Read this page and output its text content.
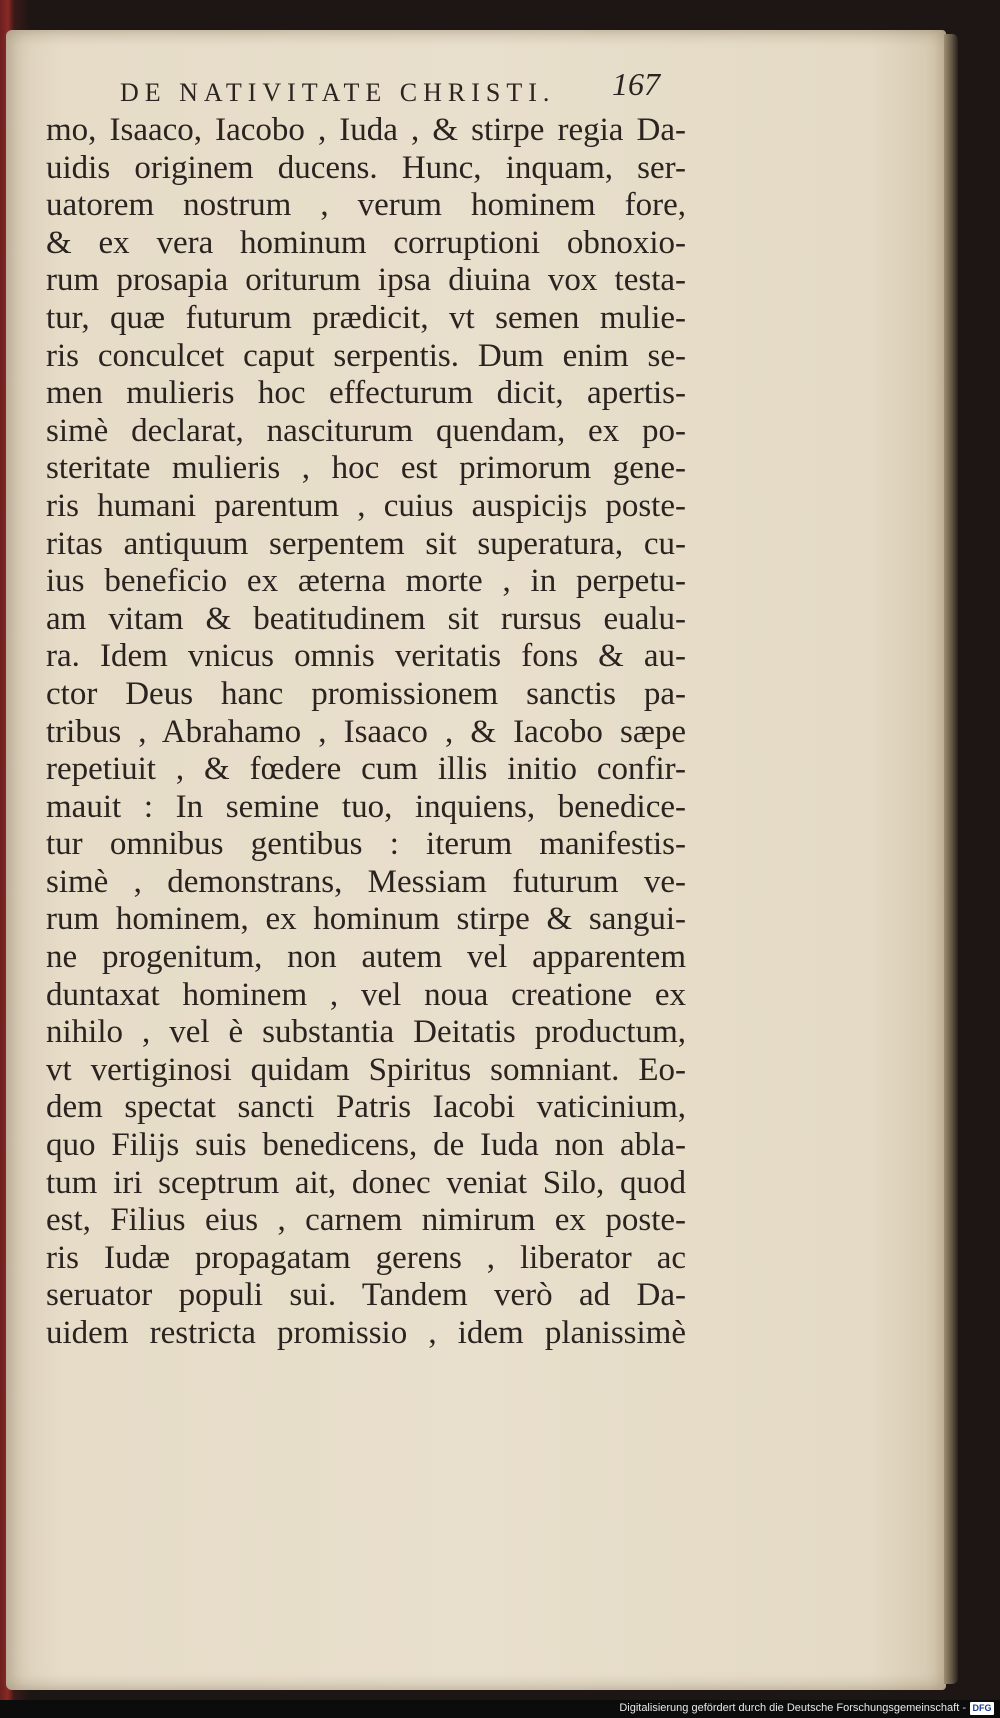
DE NATIVITATE CHRISTI.	167
mo, Isaaco, Iacobo , Iuda , & stirpe regia Da-
uidis originem ducens. Hunc, inquam, ser-
uatorem nostrum , verum hominem fore,
& ex vera hominum corruptioni obnoxio-
rum prosapia oriturum ipsa diuina vox testa-
tur, quæ futurum prædicit, vt semen mulie-
ris conculcet caput serpentis. Dum enim se-
men mulieris hoc effecturum dicit, apertis-
simè declarat, nasciturum quendam, ex po-
steritate mulieris , hoc est primorum gene-
ris humani parentum , cuius auspicijs poste-
ritas antiquum serpentem sit superatura, cu-
ius beneficio ex æterna morte , in perpetu-
am vitam & beatitudinem sit rursus eualu-
ra. Idem vnicus omnis veritatis fons & au-
ctor Deus hanc promissionem sanctis pa-
tribus , Abrahamo , Isaaco , & Iacobo sæpe
repetiuit , & fœdere cum illis initio confir-
mauit : In semine tuo, inquiens, benedice-
tur omnibus gentibus : iterum manifestis-
simè , demonstrans, Messiam futurum ve-
rum hominem, ex hominum stirpe & sangui-
ne progenitum, non autem vel apparentem
duntaxat hominem , vel noua creatione ex
nihilo , vel è substantia Deitatis productum,
vt vertiginosi quidam Spiritus somniant. Eo-
dem spectat sancti Patris Iacobi vaticinium,
quo Filijs suis benedicens, de Iuda non abla-
tum iri sceptrum ait, donec veniat Silo, quod
est, Filius eius , carnem nimirum ex poste-
ris Iudæ propagatam gerens , liberator ac
seruator populi sui. Tandem verò ad Da-
uidem restricta promissio , idem planissimè
Digitalisierung gefördert durch die Deutsche Forschungsgemeinschaft - DFG
